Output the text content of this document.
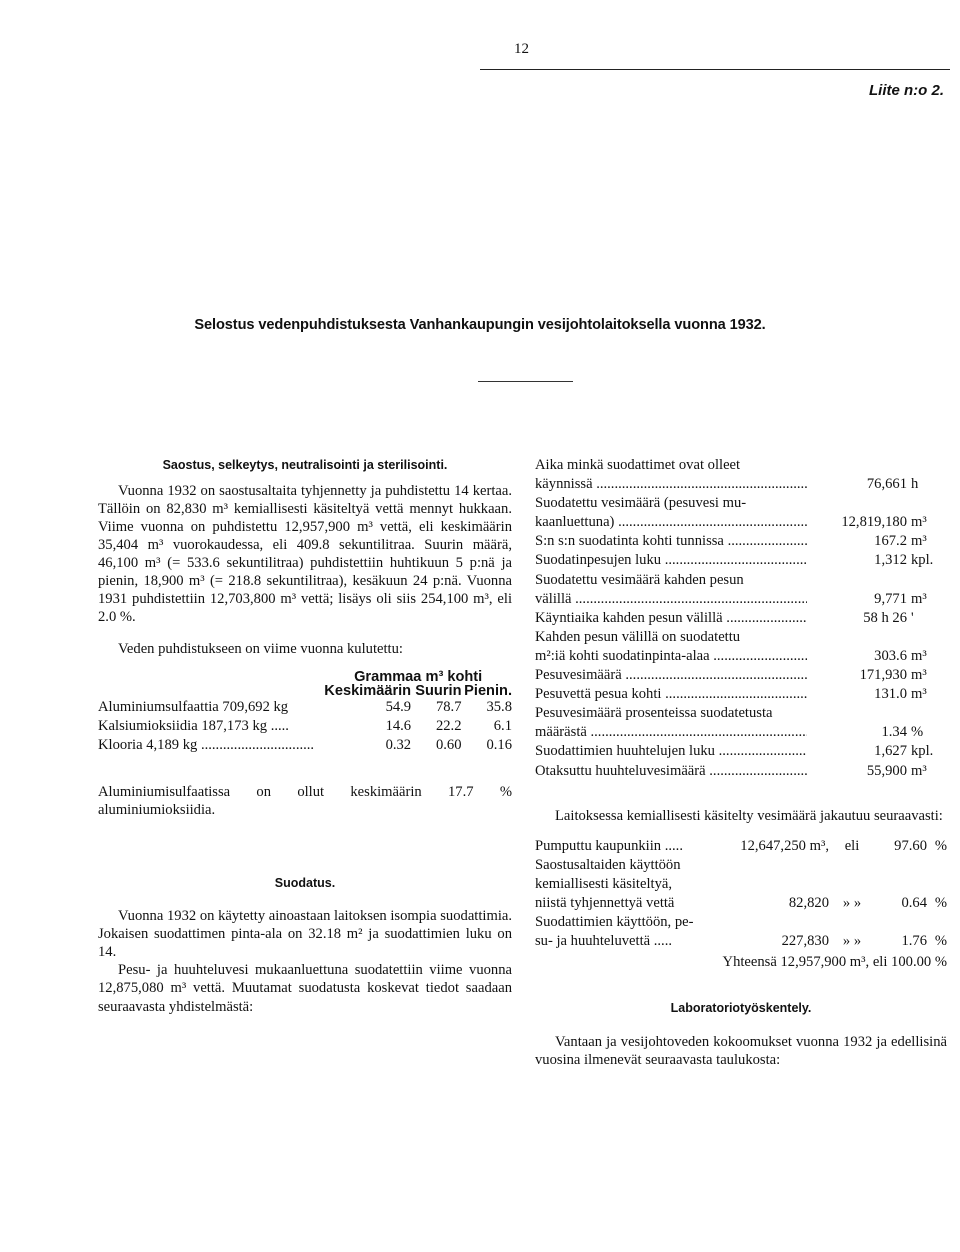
12
Liite n:o 2.
Selostus vedenpuhdistuksesta Vanhankaupungin vesijohtolaitoksella vuonna 1932.
Saostus, selkeytys, neutralisointi ja sterilisointi.

Vuonna 1932 on saostusaltaita tyhjennetty ja puhdistettu 14 kertaa. Tällöin on 82,830 m³ kemiallisesti käsiteltyä vettä mennyt hukkaan. Viime vuonna on puhdistettu 12,957,900 m³ vettä, eli keskimäärin 35,404 m³ vuorokaudessa, eli 409.8 sekuntilitraa. Suurin määrä, 46,100 m³ (= 533.6 sekuntilitraa) puhdistettiin huhtikuun 5 p:nä ja pienin, 18,900 m³ (= 218.8 sekuntilitraa), kesäkuun 24 p:nä. Vuonna 1931 puhdistettiin 12,703,800 m³ vettä; lisäys oli siis 254,100 m³, eli 2.0 %.

Veden puhdistukseen on viime vuonna kulutettu:

	Grammaa m³ kohti		
	Keskimäärin	Suurin	Pienin.
Aluminiumsulfaattia 709,692 kg	54.9	78.7	35.8
Kalsiumioksiidia 187,173 kg .....	14.6	22.2	6.1
Klooria 4,189 kg ...............................	0.32	0.60	0.16

Aluminiumisulfaatissa on ollut keskimäärin 17.7 % aluminiumioksiidia.

Suodatus.

Vuonna 1932 on käytetty ainoastaan laitoksen isompia suodattimia. Jokaisen suodattimen pinta-ala on 32.18 m² ja suodattimien luku on 14.

Pesu- ja huuhteluvesi mukaanluettuna suodatettiin viime vuonna 12,875,080 m³ vettä. Muutamat suodatusta koskevat tiedot saadaan seuraavasta yhdistelmästä:

Aika minkä suodattimet ovat olleet		
käynnissä .....	76,661	h
Suodatettu vesimäärä (pesuvesi mu-		
kaanluettuna) .....	12,819,180	m³
S:n s:n suodatinta kohti tunnissa .....	167.2	m³
Suodatinpesujen luku .....	1,312	kpl.
Suodatettu vesimäärä kahden pesun		
välillä .....	9,771	m³
Käyntiaika kahden pesun välillä .....	58 h 26	'
Kahden pesun välillä on suodatettu		
m²:iä kohti suodatinpinta-alaa .....	303.6	m³
Pesuvesimäärä .....	171,930	m³
Pesuvettä pesua kohti .....	131.0	m³
Pesuvesimäärä prosenteissa suodatetusta		
määrästä .....	1.34	%
Suodattimien huuhtelujen luku .....	1,627	kpl.
Otaksuttu huuhteluvesimäärä .....	55,900	m³

Laitoksessa kemiallisesti käsitelty vesimäärä jakautuu seuraavasti:

Pumputtu kaupunkiin .....	12,647,250 m³,	eli	97.60	%
Saostusaltaiden käyttöön				
kemiallisesti käsiteltyä,				
niistä tyhjennettyä vettä	82,820	» »	0.64	%
Suodattimien käyttöön, pe-				
su- ja huuhteluvettä .....	227,830	» »	1.76	%
Yhteensä 12,957,900 m³, eli 100.00 %
Laboratoriotyöskentely.

Vantaan ja vesijohtoveden kokoomukset vuonna 1932 ja edellisinä vuosina ilmenevät seuraavasta taulukosta:
